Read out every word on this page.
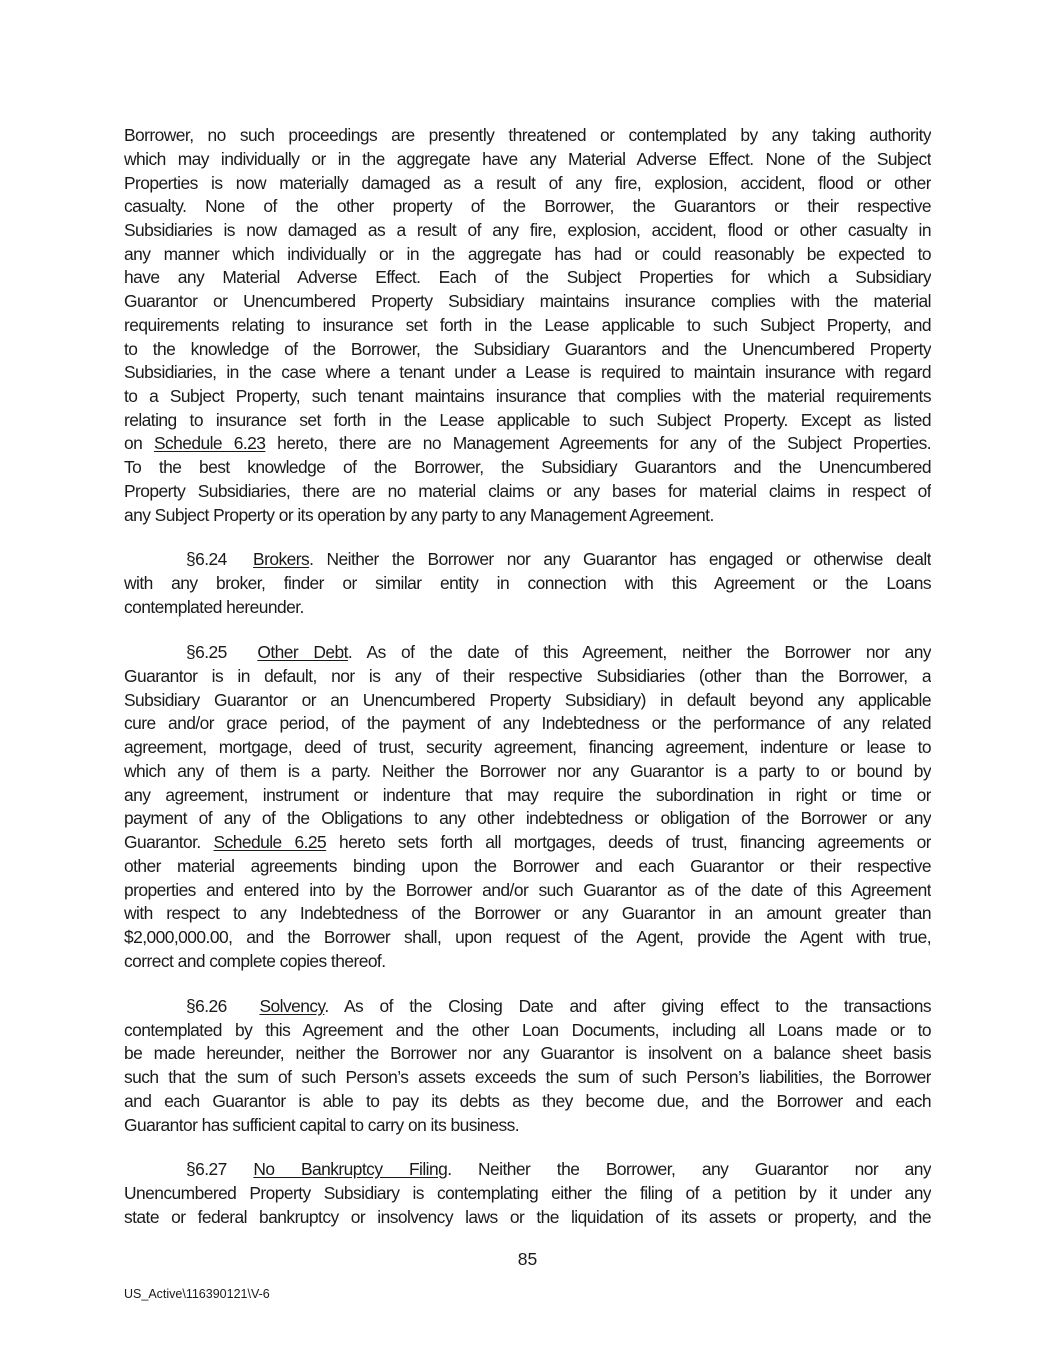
Borrower, no such proceedings are presently threatened or contemplated by any taking authority
which may individually or in the aggregate have any Material Adverse Effect. None of the Subject
Properties is now materially damaged as a result of any fire, explosion, accident, flood or other
casualty. None of the other property of the Borrower, the Guarantors or their respective
Subsidiaries is now damaged as a result of any fire, explosion, accident, flood or other casualty in
any manner which individually or in the aggregate has had or could reasonably be expected to
have any Material Adverse Effect. Each of the Subject Properties for which a Subsidiary
Guarantor or Unencumbered Property Subsidiary maintains insurance complies with the material
requirements relating to insurance set forth in the Lease applicable to such Subject Property, and
to the knowledge of the Borrower, the Subsidiary Guarantors and the Unencumbered Property
Subsidiaries, in the case where a tenant under a Lease is required to maintain insurance with regard
to a Subject Property, such tenant maintains insurance that complies with the material requirements
relating to insurance set forth in the Lease applicable to such Subject Property. Except as listed
on Schedule 6.23 hereto, there are no Management Agreements for any of the Subject Properties.
To the best knowledge of the Borrower, the Subsidiary Guarantors and the Unencumbered
Property Subsidiaries, there are no material claims or any bases for material claims in respect of
any Subject Property or its operation by any party to any Management Agreement.
§6.24 Brokers. Neither the Borrower nor any Guarantor has engaged or otherwise dealt
with any broker, finder or similar entity in connection with this Agreement or the Loans
contemplated hereunder.
§6.25 Other Debt. As of the date of this Agreement, neither the Borrower nor any
Guarantor is in default, nor is any of their respective Subsidiaries (other than the Borrower, a
Subsidiary Guarantor or an Unencumbered Property Subsidiary) in default beyond any applicable
cure and/or grace period, of the payment of any Indebtedness or the performance of any related
agreement, mortgage, deed of trust, security agreement, financing agreement, indenture or lease to
which any of them is a party. Neither the Borrower nor any Guarantor is a party to or bound by
any agreement, instrument or indenture that may require the subordination in right or time or
payment of any of the Obligations to any other indebtedness or obligation of the Borrower or any
Guarantor. Schedule 6.25 hereto sets forth all mortgages, deeds of trust, financing agreements or
other material agreements binding upon the Borrower and each Guarantor or their respective
properties and entered into by the Borrower and/or such Guarantor as of the date of this Agreement
with respect to any Indebtedness of the Borrower or any Guarantor in an amount greater than
$2,000,000.00, and the Borrower shall, upon request of the Agent, provide the Agent with true,
correct and complete copies thereof.
§6.26 Solvency. As of the Closing Date and after giving effect to the transactions
contemplated by this Agreement and the other Loan Documents, including all Loans made or to
be made hereunder, neither the Borrower nor any Guarantor is insolvent on a balance sheet basis
such that the sum of such Person’s assets exceeds the sum of such Person’s liabilities, the Borrower
and each Guarantor is able to pay its debts as they become due, and the Borrower and each
Guarantor has sufficient capital to carry on its business.
§6.27 No Bankruptcy Filing. Neither the Borrower, any Guarantor nor any
Unencumbered Property Subsidiary is contemplating either the filing of a petition by it under any
state or federal bankruptcy or insolvency laws or the liquidation of its assets or property, and the
85
US_Active\116390121\V-6
